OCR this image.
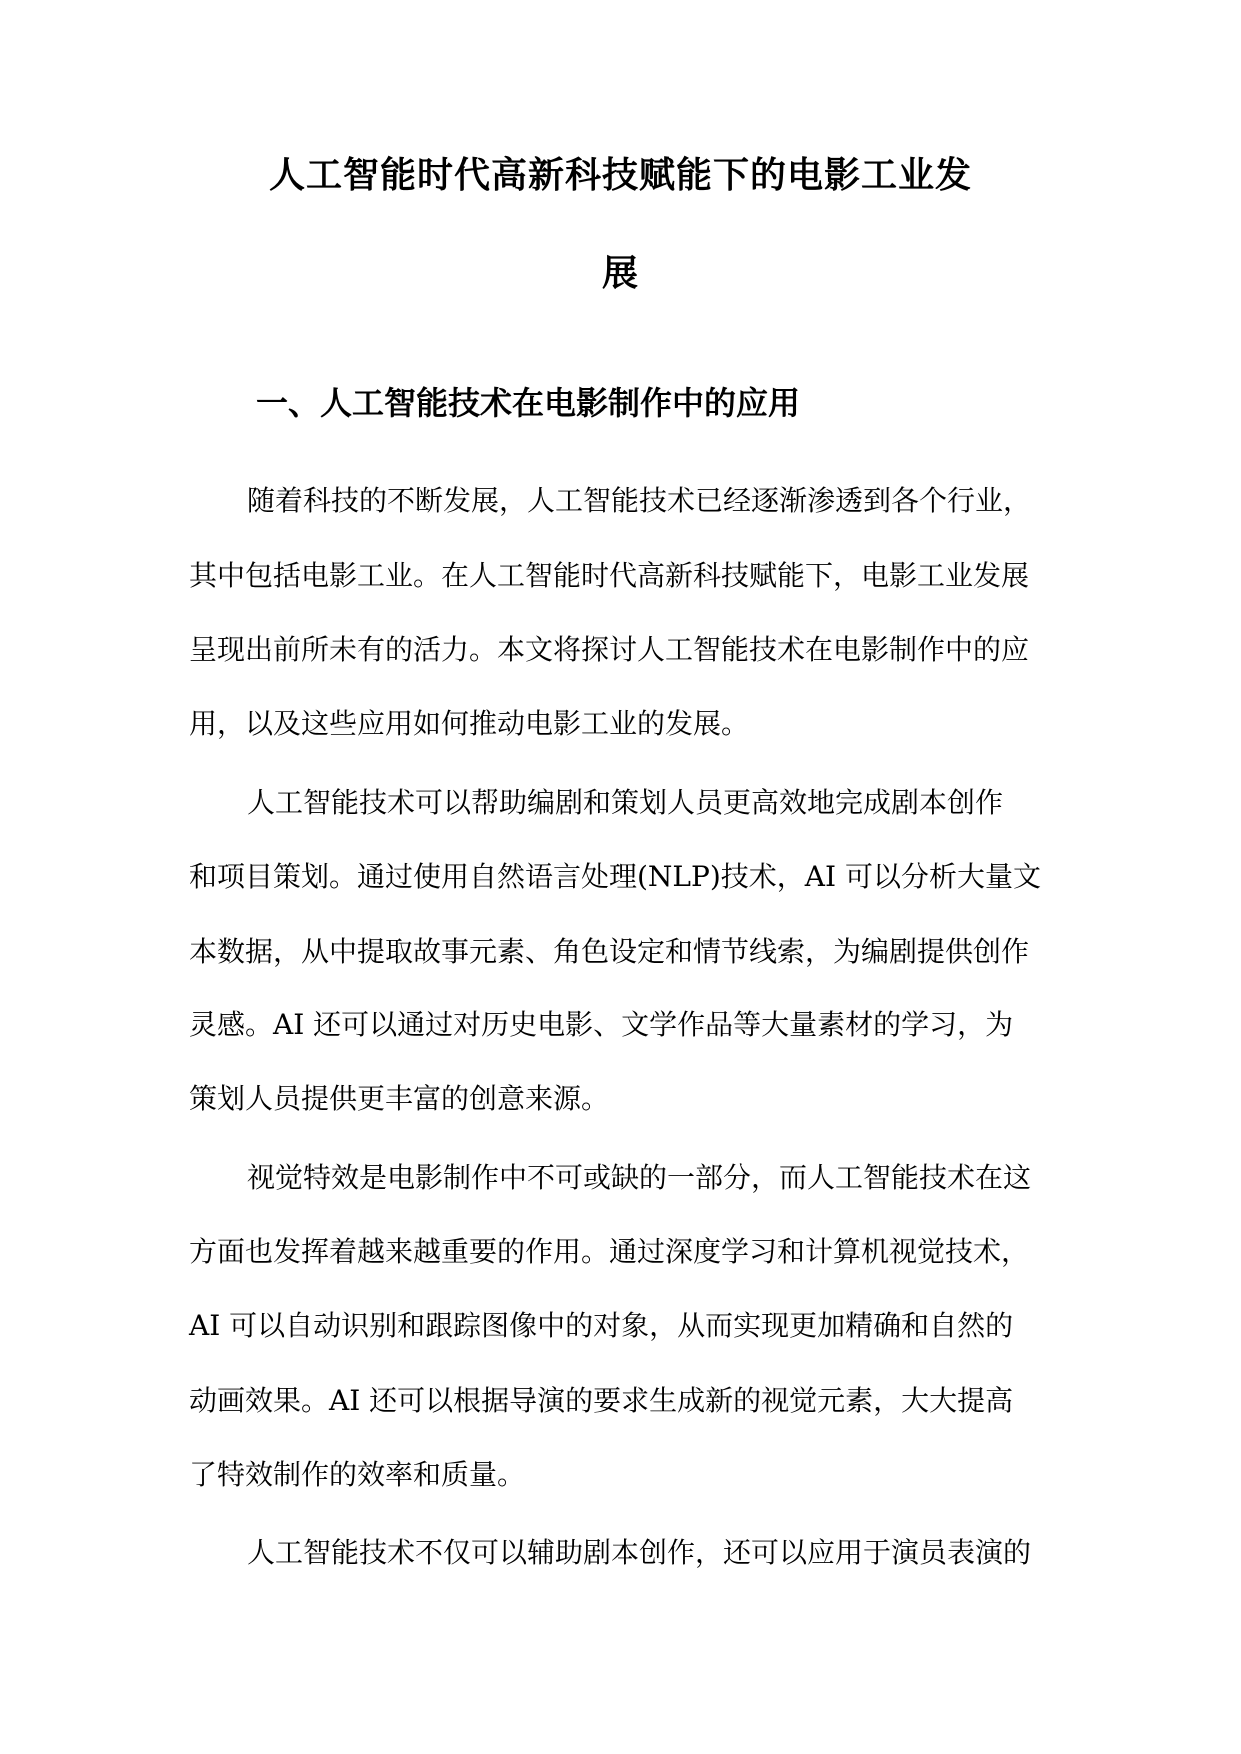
人工智能时代高新科技赋能下的电影工业发
展
一、人工智能技术在电影制作中的应用
随着科技的不断发展，人工智能技术已经逐渐渗透到各个行业，
其中包括电影工业。在人工智能时代高新科技赋能下，电影工业发展
呈现出前所未有的活力。本文将探讨人工智能技术在电影制作中的应
用，以及这些应用如何推动电影工业的发展。
人工智能技术可以帮助编剧和策划人员更高效地完成剧本创作
和项目策划。通过使用自然语言处理(NLP)技术，AI 可以分析大量文
本数据，从中提取故事元素、角色设定和情节线索，为编剧提供创作
灵感。AI 还可以通过对历史电影、文学作品等大量素材的学习，为
策划人员提供更丰富的创意来源。
视觉特效是电影制作中不可或缺的一部分，而人工智能技术在这
方面也发挥着越来越重要的作用。通过深度学习和计算机视觉技术，
AI 可以自动识别和跟踪图像中的对象，从而实现更加精确和自然的
动画效果。AI 还可以根据导演的要求生成新的视觉元素，大大提高
了特效制作的效率和质量。
人工智能技术不仅可以辅助剧本创作，还可以应用于演员表演的
